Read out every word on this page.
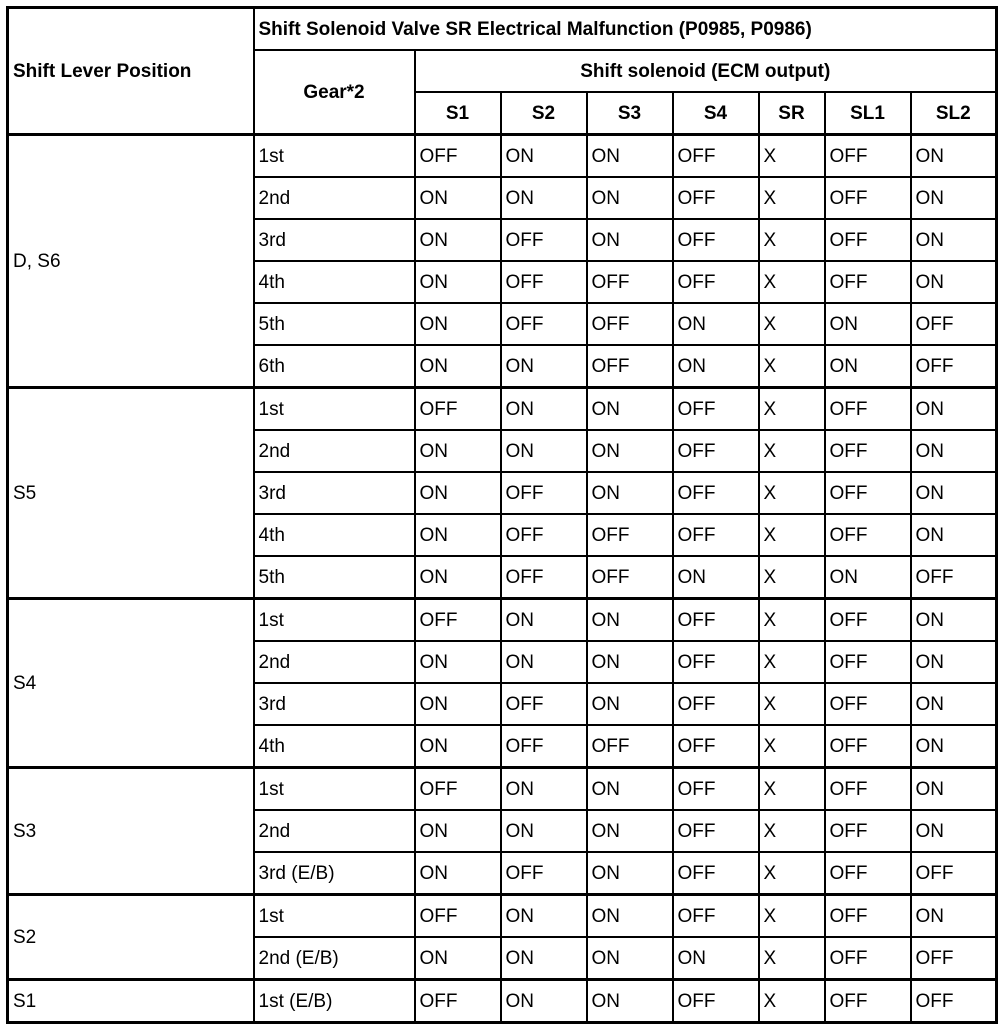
Shift Lever Position	Shift Solenoid Valve SR Electrical Malfunction (P0985, P0986)							
	Gear*2	Shift solenoid (ECM output)						
		S1	S2	S3	S4	SR	SL1	SL2
D, S6	1st	OFF	ON	ON	OFF	X	OFF	ON
	2nd	ON	ON	ON	OFF	X	OFF	ON
	3rd	ON	OFF	ON	OFF	X	OFF	ON
	4th	ON	OFF	OFF	OFF	X	OFF	ON
	5th	ON	OFF	OFF	ON	X	ON	OFF
	6th	ON	ON	OFF	ON	X	ON	OFF
S5	1st	OFF	ON	ON	OFF	X	OFF	ON
	2nd	ON	ON	ON	OFF	X	OFF	ON
	3rd	ON	OFF	ON	OFF	X	OFF	ON
	4th	ON	OFF	OFF	OFF	X	OFF	ON
	5th	ON	OFF	OFF	ON	X	ON	OFF
S4	1st	OFF	ON	ON	OFF	X	OFF	ON
	2nd	ON	ON	ON	OFF	X	OFF	ON
	3rd	ON	OFF	ON	OFF	X	OFF	ON
	4th	ON	OFF	OFF	OFF	X	OFF	ON
S3	1st	OFF	ON	ON	OFF	X	OFF	ON
	2nd	ON	ON	ON	OFF	X	OFF	ON
	3rd (E/B)	ON	OFF	ON	OFF	X	OFF	OFF
S2	1st	OFF	ON	ON	OFF	X	OFF	ON
	2nd (E/B)	ON	ON	ON	ON	X	OFF	OFF
S1	1st (E/B)	OFF	ON	ON	OFF	X	OFF	OFF
